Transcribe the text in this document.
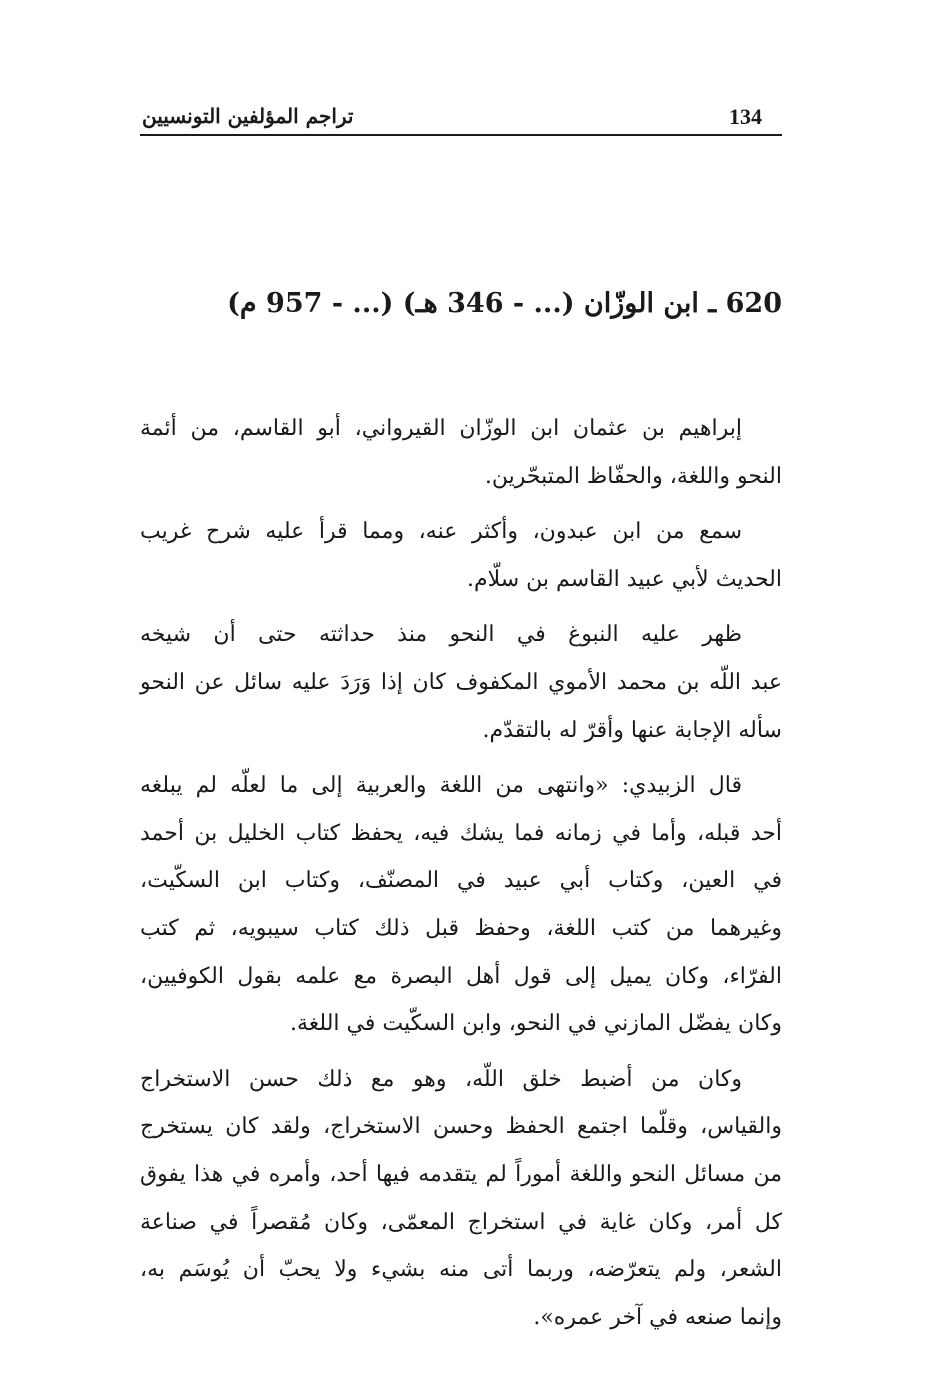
134
تراجم المؤلفين التونسيين
620 ـ ابن الوزّان (... - 346 هـ) (... - 957 م)

إبراهيم بن عثمان ابن الوزّان القيرواني، أبو القاسم، من أئمة
النحو واللغة، والحفّاظ المتبحّرين.

سمع من ابن عبدون، وأكثر عنه، ومما قرأ عليه شرح غريب
الحديث لأبي عبيد القاسم بن سلّام.

ظهر عليه النبوغ في النحو منذ حداثته حتى أن شيخه
عبد اللّه بن محمد الأموي المكفوف كان إذا وَرَدَ عليه سائل عن النحو
سأله الإجابة عنها وأقرّ له بالتقدّم.

قال الزبيدي: «وانتهى من اللغة والعربية إلى ما لعلّه لم يبلغه
أحد قبله، وأما في زمانه فما يشك فيه، يحفظ كتاب الخليل بن أحمد
في العين، وكتاب أبي عبيد في المصنّف، وكتاب ابن السكّيت،
وغيرهما من كتب اللغة، وحفظ قبل ذلك كتاب سيبويه، ثم كتب
الفرّاء، وكان يميل إلى قول أهل البصرة مع علمه بقول الكوفيين،
وكان يفضّل المازني في النحو، وابن السكّيت في اللغة.

وكان من أضبط خلق اللّه، وهو مع ذلك حسن الاستخراج
والقياس، وقلّما اجتمع الحفظ وحسن الاستخراج، ولقد كان يستخرج
من مسائل النحو واللغة أموراً لم يتقدمه فيها أحد، وأمره في هذا يفوق
كل أمر، وكان غاية في استخراج المعمّى، وكان مُقصراً في صناعة
الشعر، ولم يتعرّضه، وربما أتى منه بشيء ولا يحبّ أن يُوسَم به،
وإنما صنعه في آخر عمره».
